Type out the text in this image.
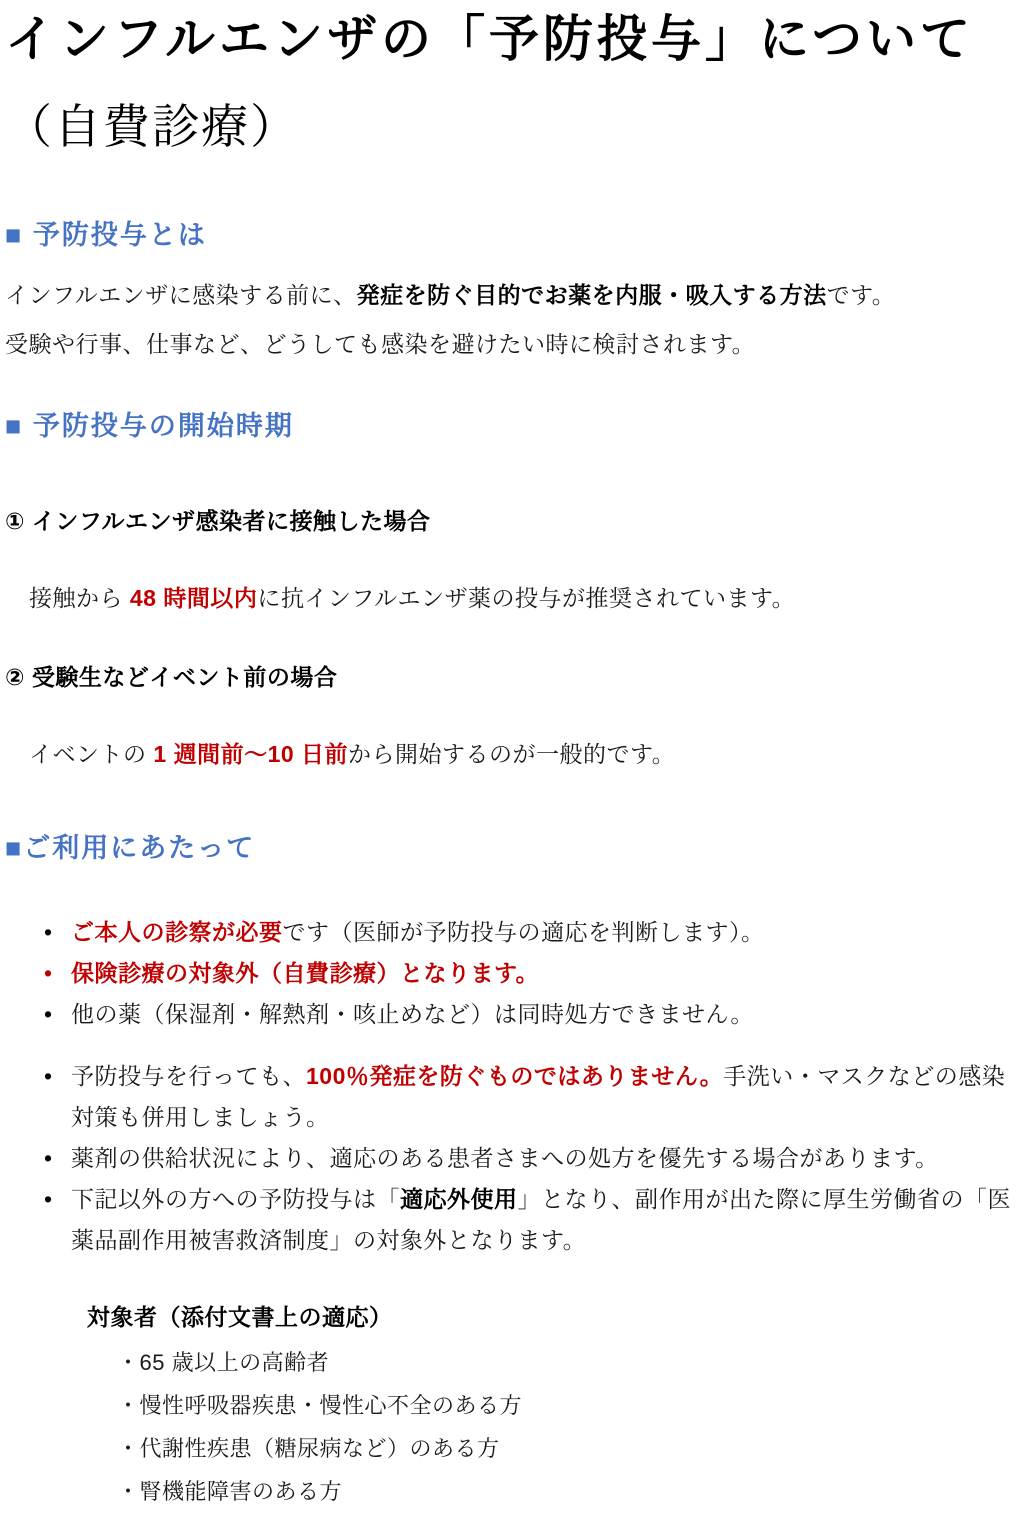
インフルエンザの「予防投与」について
（自費診療）
■ 予防投与とは

インフルエンザに感染する前に、発症を防ぐ目的でお薬を内服・吸入する方法です。

受験や行事、仕事など、どうしても感染を避けたい時に検討されます。

■ 予防投与の開始時期
① インフルエンザ感染者に接触した場合
接触から 48 時間以内に抗インフルエンザ薬の投与が推奨されています。
② 受験生などイベント前の場合
イベントの 1 週間前～10 日前から開始するのが一般的です。
■ご利用にあたって
• ご本人の診察が必要です（医師が予防投与の適応を判断します）。
• 保険診療の対象外（自費診療）となります。
• 他の薬（保湿剤・解熱剤・咳止めなど）は同時処方できません。
• 予防投与を行っても、100％発症を防ぐものではありません。手洗い・マスクなどの感染対策も併用しましょう。
• 薬剤の供給状況により、適応のある患者さまへの処方を優先する場合があります。
• 下記以外の方への予防投与は「適応外使用」となり、副作用が出た際に厚生労働省の「医薬品副作用被害救済制度」の対象外となります。
対象者（添付文書上の適応）
・65 歳以上の高齢者
・慢性呼吸器疾患・慢性心不全のある方
・代謝性疾患（糖尿病など）のある方
・腎機能障害のある方
